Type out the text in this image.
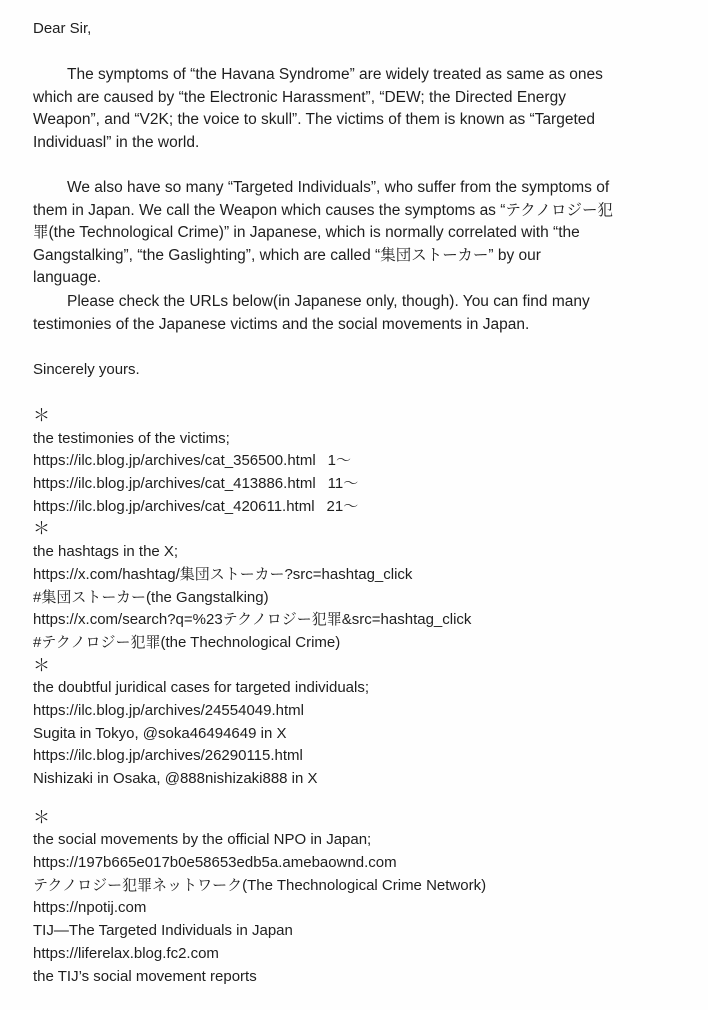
Dear Sir,
The symptoms of “the Havana Syndrome” are widely treated as same as ones
which are caused by “the Electronic Harassment”, “DEW; the Directed Energy
Weapon”, and “V2K; the voice to skull”. The victims of them is known as “Targeted
Individuasl” in the world.
We also have so many “Targeted Individuals”, who suffer from the symptoms of
them in Japan. We call the Weapon which causes the symptoms as “テクノロジー犯
罪(the Technological Crime)” in Japanese, which is normally correlated with “the
Gangstalking”, “the Gaslighting”, which are called “集団ストーカー” by our
language.
Please check the URLs below(in Japanese only, though). You can find many
testimonies of the Japanese victims and the social movements in Japan.
Sincerely yours.
＊
the testimonies of the victims;
https://ilc.blog.jp/archives/cat_356500.html 1〜
https://ilc.blog.jp/archives/cat_413886.html 11〜
https://ilc.blog.jp/archives/cat_420611.html 21〜
＊
the hashtags in the X;
https://x.com/hashtag/集団ストーカー?src=hashtag_click
#集団ストーカー(the Gangstalking)
https://x.com/search?q=%23テクノロジー犯罪&src=hashtag_click
#テクノロジー犯罪(the Thechnological Crime)
＊
the doubtful juridical cases for targeted individuals;
https://ilc.blog.jp/archives/24554049.html
Sugita in Tokyo, @soka46494649 in X
https://ilc.blog.jp/archives/26290115.html
Nishizaki in Osaka, @888nishizaki888 in X
＊
the social movements by the official NPO in Japan;
https://197b665e017b0e58653edb5a.amebaownd.com
テクノロジー犯罪ネットワーク(The Thechnological Crime Network)
https://npotij.com
TIJ—The Targeted Individuals in Japan
https://liferelax.blog.fc2.com
the TIJ’s social movement reports
